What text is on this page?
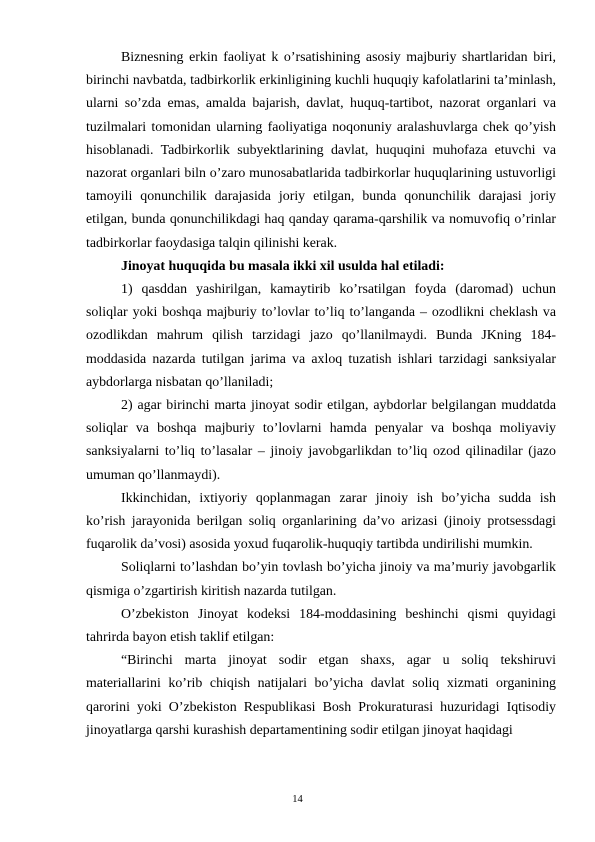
Biznesning erkin faoliyat k o’rsatishining asosiy majburiy shartlaridan biri, birinchi navbatda, tadbirkorlik erkinligining kuchli huquqiy kafolatlarini ta’minlash, ularni so’zda emas, amalda bajarish, davlat, huquq-tartibot, nazorat organlari va tuzilmalari tomonidan ularning faoliyatiga noqonuniy aralashuvlarga chek qo’yish hisoblanadi. Tadbirkorlik subyektlarining davlat, huquqini muhofaza etuvchi va nazorat organlari biln o’zaro munosabatlarida tadbirkorlar huquqlarining ustuvorligi tamoyili qonunchilik darajasida joriy etilgan, bunda qonunchilik darajasi joriy etilgan, bunda qonunchilikdagi haq qanday qarama-qarshilik va nomuvofiq o’rinlar tadbirkorlar faoydasiga talqin qilinishi kerak.

Jinoyat huquqida bu masala ikki xil usulda hal etiladi:

1) qasddan yashirilgan, kamaytirib ko’rsatilgan foyda (daromad) uchun soliqlar yoki boshqa majburiy to’lovlar to’liq to’langanda – ozodlikni cheklash va ozodlikdan mahrum qilish tarzidagi jazo qo’llanilmaydi. Bunda JKning 184-moddasida nazarda tutilgan jarima va axloq tuzatish ishlari tarzidagi sanksiyalar aybdorlarga nisbatan qo’llaniladi;

2) agar birinchi marta jinoyat sodir etilgan, aybdorlar belgilangan muddatda soliqlar va boshqa majburiy to’lovlarni hamda penyalar va boshqa moliyaviy sanksiyalarni to’liq to’lasalar – jinoiy javobgarlikdan to’liq ozod qilinadilar (jazo umuman qo’llanmaydi).

Ikkinchidan, ixtiyoriy qoplanmagan zarar jinoiy ish bo’yicha sudda ish ko’rish jarayonida berilgan soliq organlarining da’vo arizasi (jinoiy protsessdagi fuqarolik da’vosi) asosida yoxud fuqarolik-huquqiy tartibda undirilishi mumkin.

Soliqlarni to’lashdan bo’yin tovlash bo’yicha jinoiy va ma’muriy javobgarlik qismiga o’zgartirish kiritish nazarda tutilgan.

O’zbekiston Jinoyat kodeksi 184-moddasining beshinchi qismi quyidagi tahrirda bayon etish taklif etilgan:

“Birinchi marta jinoyat sodir etgan shaxs, agar u soliq tekshiruvi materiallarini ko’rib chiqish natijalari bo’yicha davlat soliq xizmati organining qarorini yoki O’zbekiston Respublikasi Bosh Prokuraturasi huzuridagi Iqtisodiy jinoyatlarga qarshi kurashish departamentining sodir etilgan jinoyat haqidagi

14
